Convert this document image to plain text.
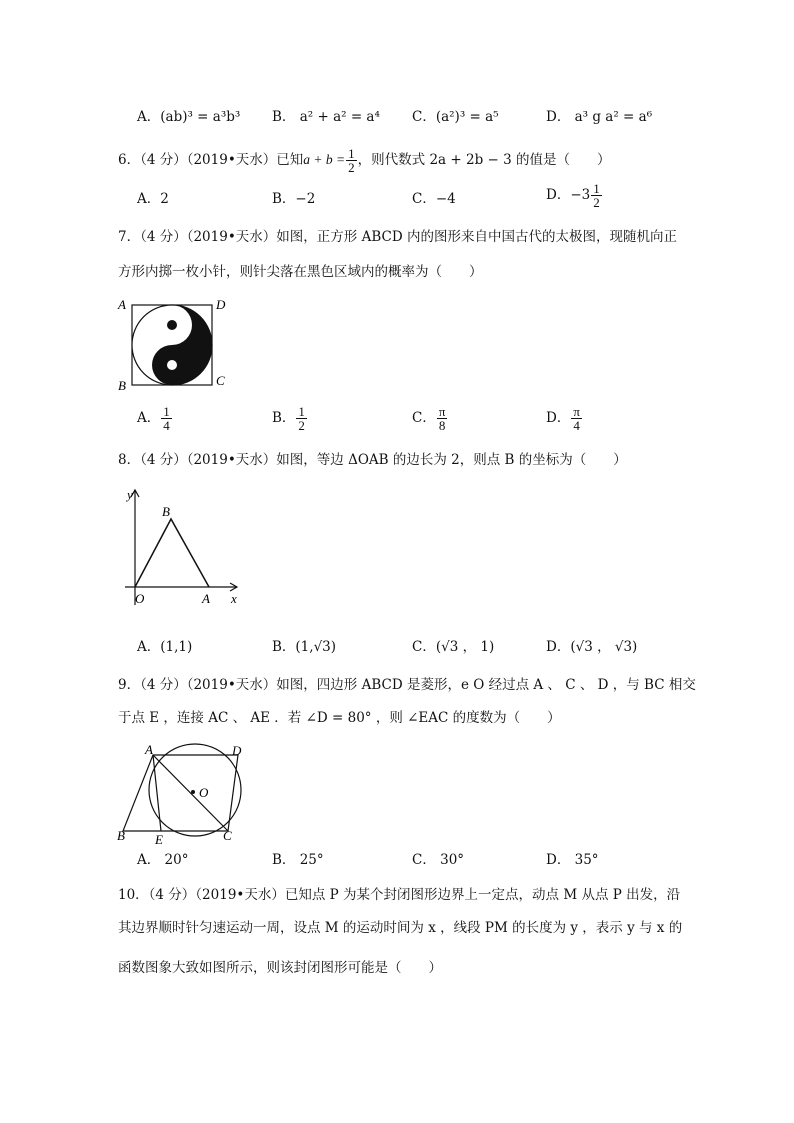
A．(ab)³ = a³b³ B． a² + a² = a⁴ C．(a²)³ = a⁵	D． a³ g a² = a⁶
6．（4 分）（2019•天水）已知$a + b = \frac{1}{2}$ ，则代数式 2a + 2b − 3 的值是（　　）
A．2	B．−2	C．−4	D．$-3 \frac{1}{2}$
7．（4 分）（2019•天水）如图，正方形 ABCD 内的图形来自中国古代的太极图，现随机向正
方形内掷一枚小针，则针尖落在黑色区域内的概率为（　　）
A	D
B	C
A． $\frac{1}{4}$	B． $\frac{1}{2}$	C． $\frac{\pi}{8}$	D． $\frac{\pi}{4}$
8．（4 分）（2019•天水）如图，等边 ΔOAB 的边长为 2，则点 B 的坐标为（　　）
y
x
O	A
B
A．(1,1)	B．(1,√3)	C．(√3 ， 1)	D．(√3 ， √3)
9．（4 分）（2019•天水）如图，四边形 ABCD 是菱形，e O 经过点 A 、 C 、 D ，与 BC 相交
于点 E ，连接 AC 、 AE ．若 ∠D = 80° ，则 ∠EAC 的度数为（　　）
A	D
O
B E	C
A． 20°	B． 25°	C． 30°	D． 35°
10．（4 分）（2019•天水）已知点 P 为某个封闭图形边界上一定点，动点 M 从点 P 出发，沿
其边界顺时针匀速运动一周，设点 M 的运动时间为 x ，线段 PM 的长度为 y ，表示 y 与 x 的
函数图象大致如图所示，则该封闭图形可能是（　　）
